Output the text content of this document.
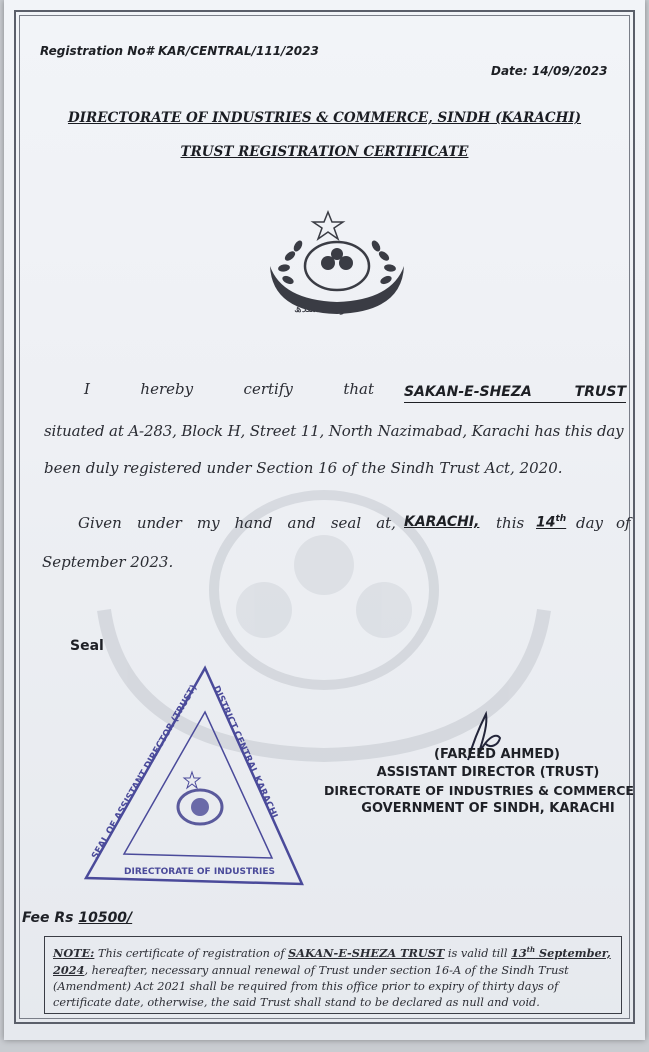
Registration No# KAR/CENTRAL/111/2023
Date: 14/09/2023
DIRECTORATE OF INDUSTRIES & COMMERCE, SINDH (KARACHI)
TRUST REGISTRATION CERTIFICATE
حکومت سندھ
I	hereby	certify	that SAKAN-E-SHEZA	TRUST
situated at A-283, Block H, Street 11, North Nazimabad, Karachi has this day
been duly registered under Section 16 of the Sindh Trust Act, 2020.
Given under my hand and seal at, KARACHI, this 14th day of
September 2023.
Seal
SEAL OF ASSISTANT DIRECTOR (TRUST) DISTRICT CENTRAL KARACHI
DIRECTORATE OF INDUSTRIES
(FAREED AHMED)
ASSISTANT DIRECTOR (TRUST)
DIRECTORATE OF INDUSTRIES & COMMERCE
GOVERNMENT OF SINDH, KARACHI
Fee Rs 10500/
NOTE: This certificate of registration of SAKAN-E-SHEZA TRUST is valid till 13th September, 2024, hereafter, necessary annual renewal of Trust under section 16-A of the Sindh Trust (Amendment) Act 2021 shall be required from this office prior to expiry of thirty days of certificate date, otherwise, the said Trust shall stand to be declared as null and void.
